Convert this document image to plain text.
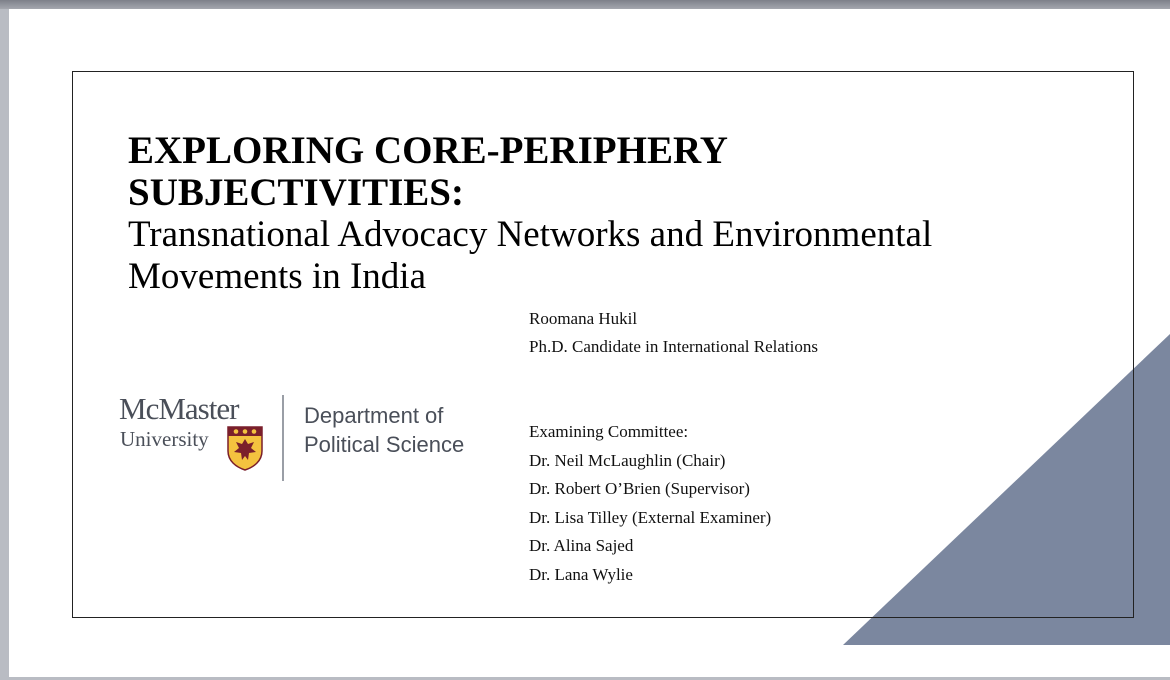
EXPLORING CORE-PERIPHERY

SUBJECTIVITIES:

Transnational Advocacy Networks and Environmental

Movements in India

Roomana Hukil
Ph.D. Candidate in International Relations
Examining Committee:
Dr. Neil McLaughlin (Chair)
Dr. Robert O’Brien (Supervisor)
Dr. Lisa Tilley (External Examiner)
Dr. Alina Sajed
Dr. Lana Wylie
McMaster
University
Department of
Political Science
